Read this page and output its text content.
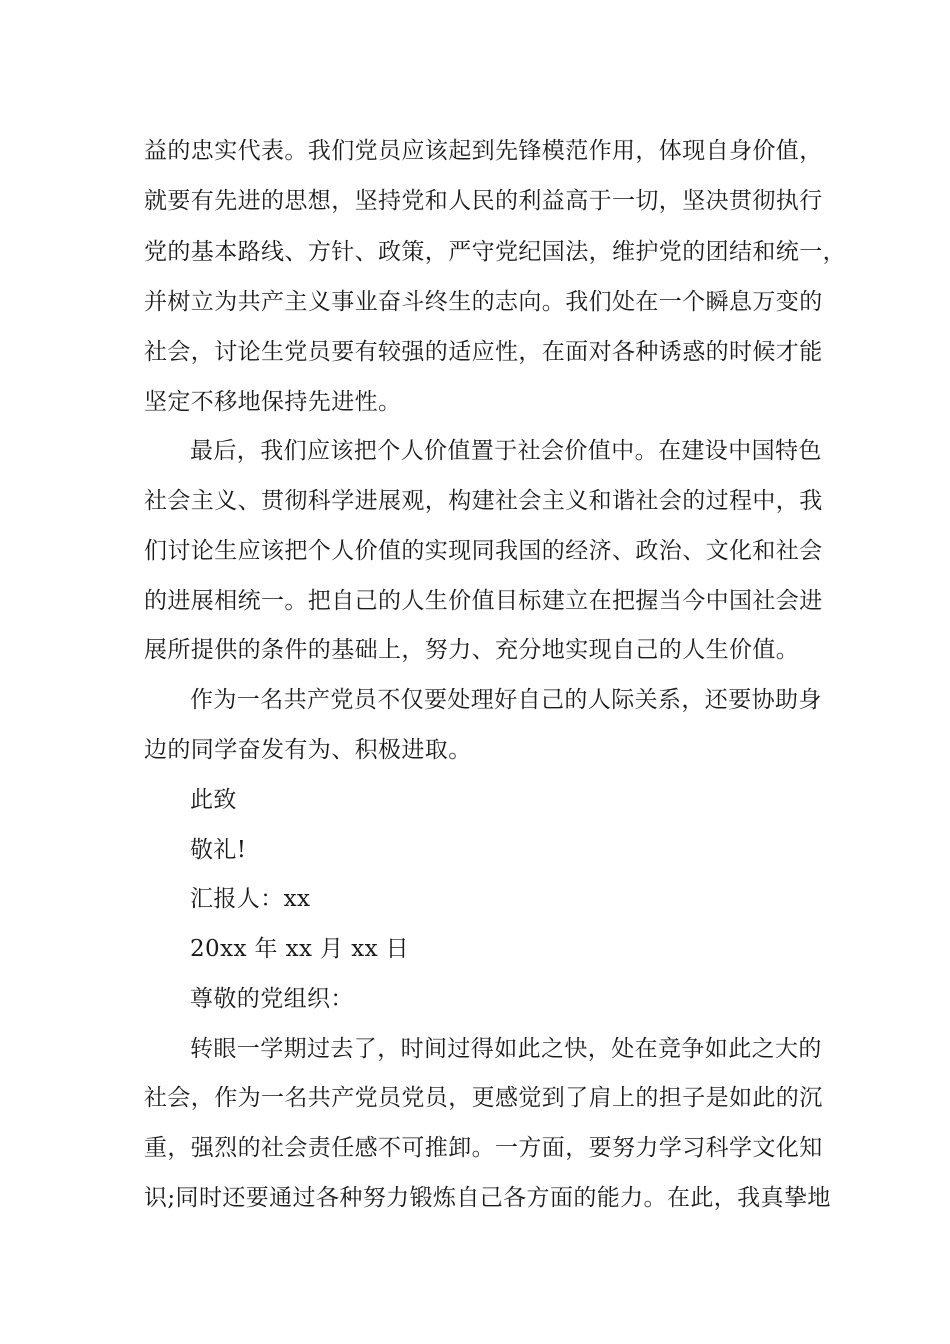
益的忠实代表。我们党员应该起到先锋模范作用，体现自身价值，
就要有先进的思想，坚持党和人民的利益高于一切，坚决贯彻执行
党的基本路线、方针、政策，严守党纪国法，维护党的团结和统一，
并树立为共产主义事业奋斗终生的志向。我们处在一个瞬息万变的
社会，讨论生党员要有较强的适应性，在面对各种诱惑的时候才能
坚定不移地保持先进性。
最后，我们应该把个人价值置于社会价值中。在建设中国特色
社会主义、贯彻科学进展观，构建社会主义和谐社会的过程中，我
们讨论生应该把个人价值的实现同我国的经济、政治、文化和社会
的进展相统一。把自己的人生价值目标建立在把握当今中国社会进
展所提供的条件的基础上，努力、充分地实现自己的人生价值。
作为一名共产党员不仅要处理好自己的人际关系，还要协助身
边的同学奋发有为、积极进取。
此致
敬礼!
汇报人：xx
20xx 年 xx 月 xx 日
尊敬的党组织：
转眼一学期过去了，时间过得如此之快，处在竞争如此之大的
社会，作为一名共产党员党员，更感觉到了肩上的担子是如此的沉
重，强烈的社会责任感不可推卸。一方面，要努力学习科学文化知
识;同时还要通过各种努力锻炼自己各方面的能力。在此，我真挚地
